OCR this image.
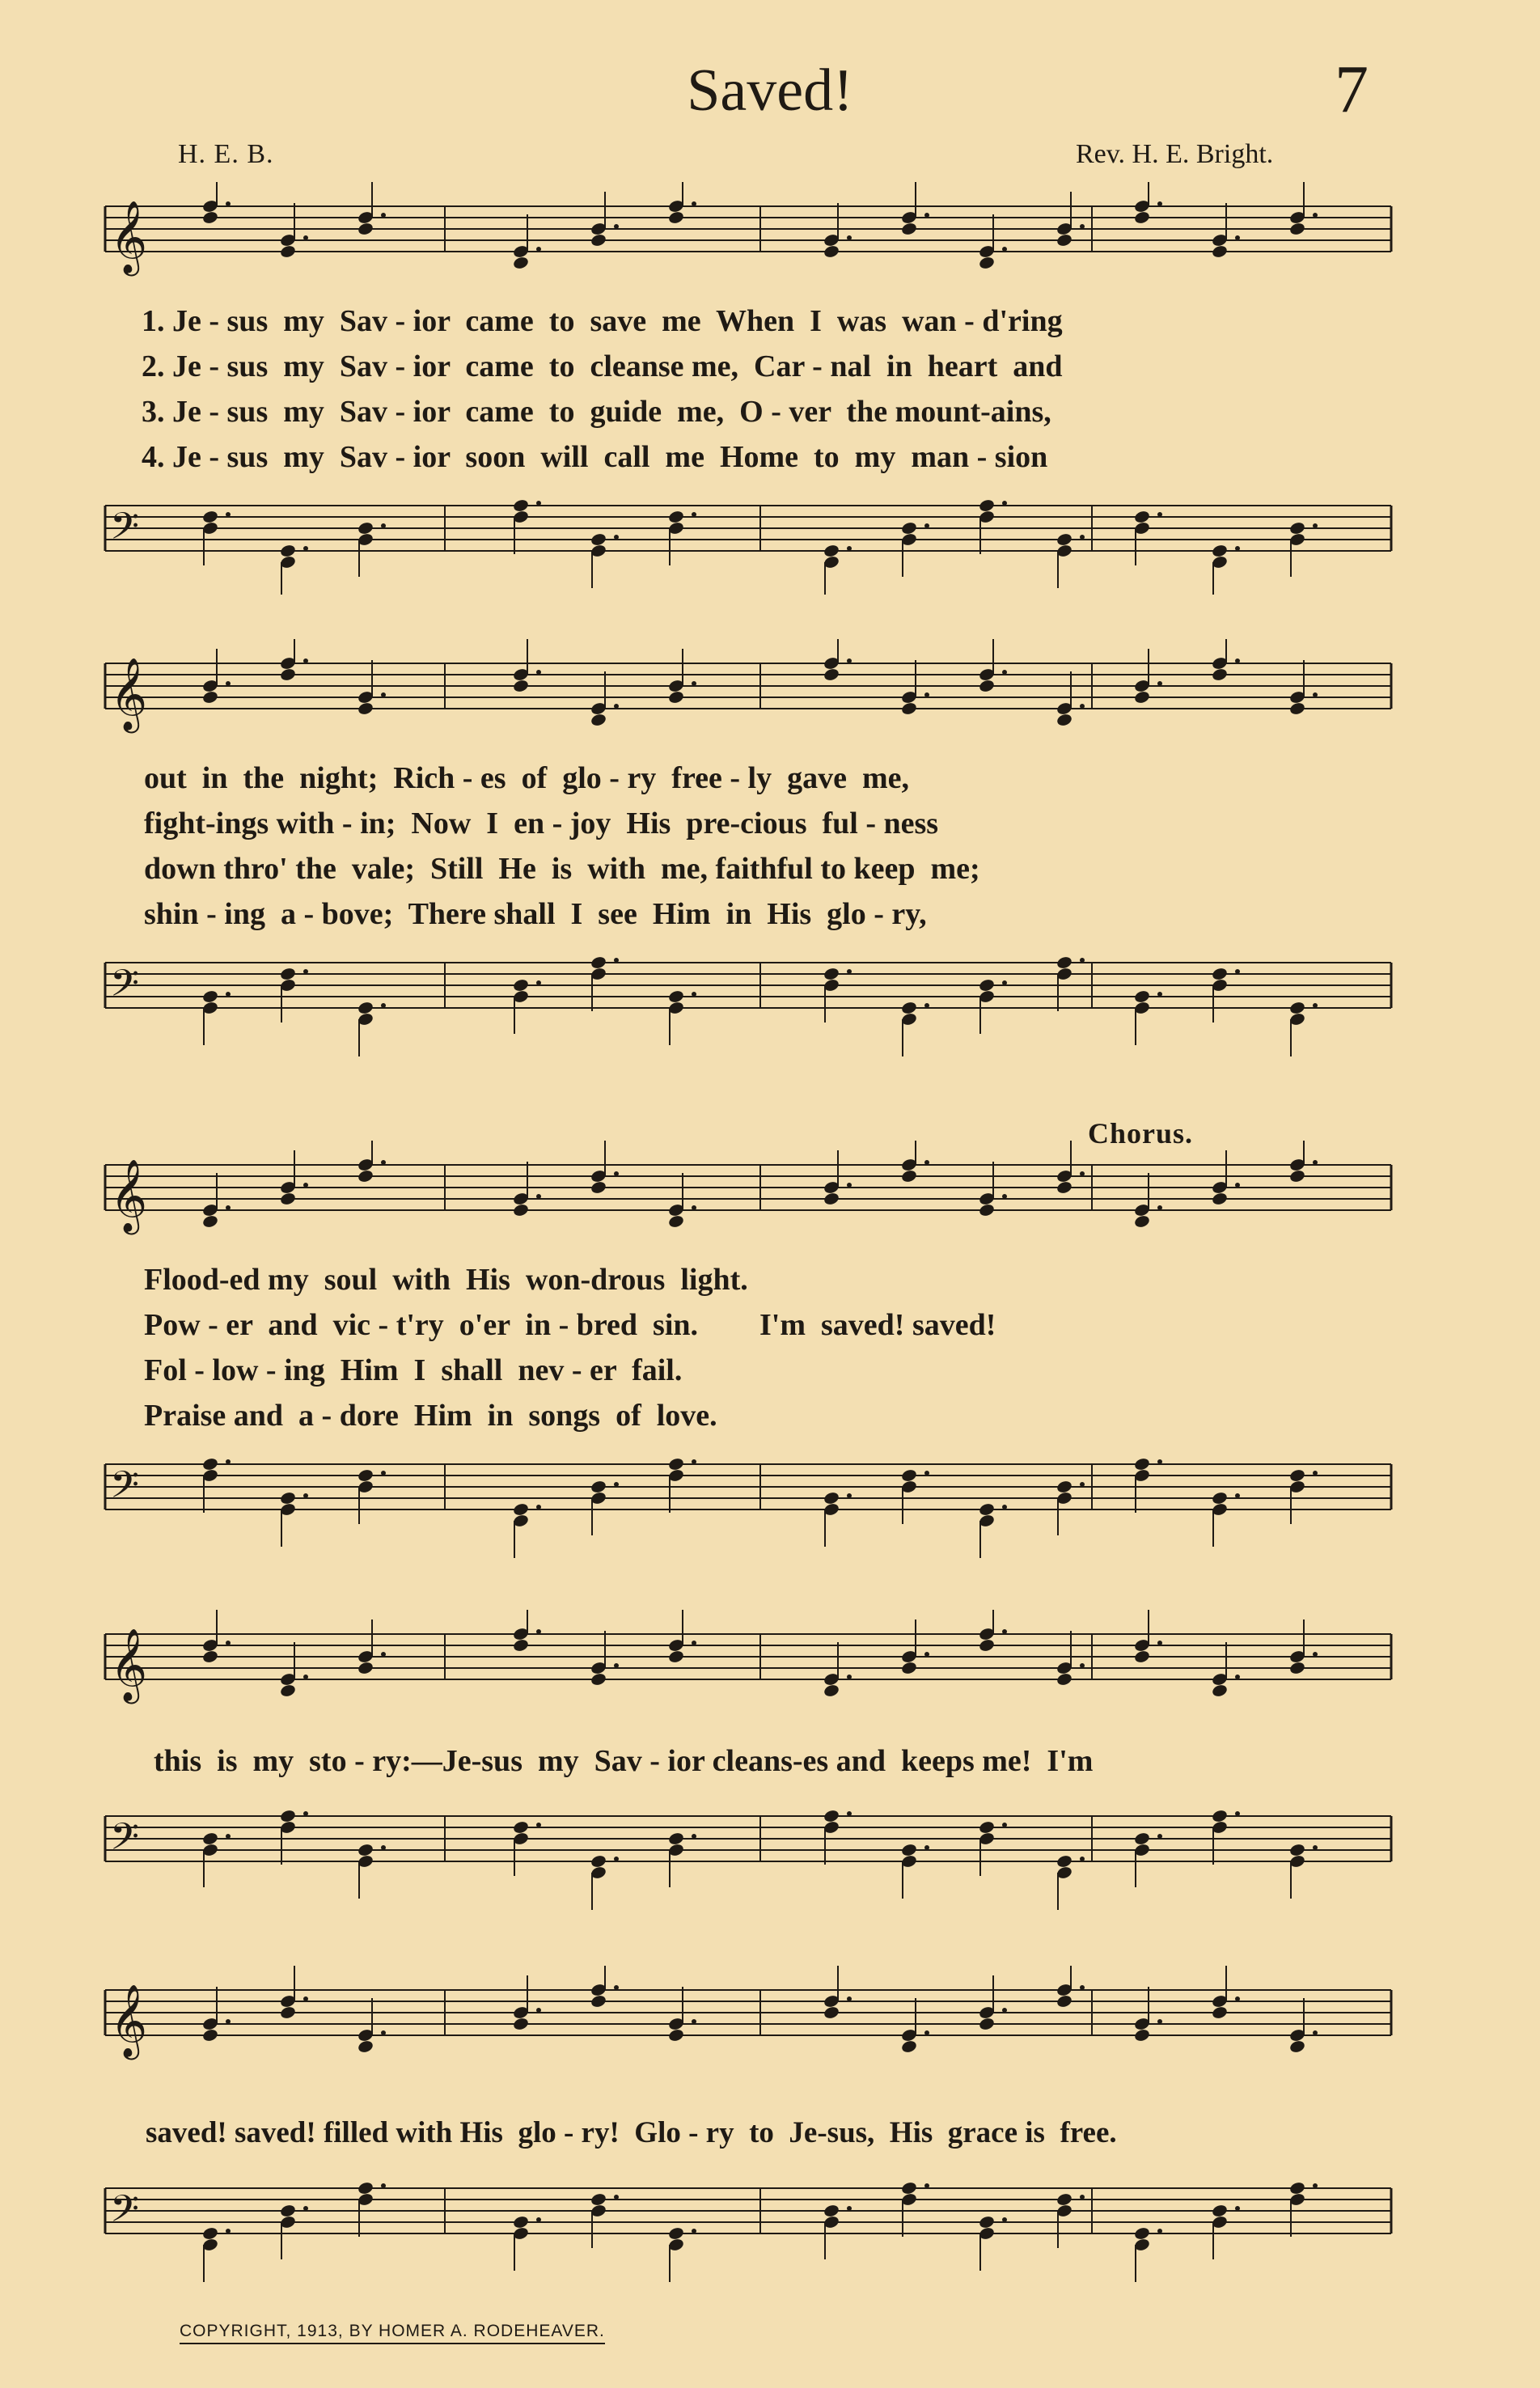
Saved!	7
H. E. B.	Rev. H. E. Bright.
𝄞
1. Je - sus  my  Sav - ior  came  to  save  me  When  I  was  wan - d'ring
2. Je - sus  my  Sav - ior  came  to  cleanse me,  Car - nal  in  heart  and
3. Je - sus  my  Sav - ior  came  to  guide  me,  O - ver  the mount-ains,
4. Je - sus  my  Sav - ior  soon  will  call  me  Home  to  my  man - sion
𝄢
𝄞
out  in  the  night;  Rich - es  of  glo - ry  free - ly  gave  me,
fight-ings with - in;  Now  I  en - joy  His  pre-cious  ful - ness
down thro' the  vale;  Still  He  is  with  me, faithful to keep  me;
shin - ing  a - bove;  There shall  I  see  Him  in  His  glo - ry,
𝄢
Chorus.
𝄞
Flood-ed my  soul  with  His  won-drous  light.
Pow - er  and  vic - t'ry  o'er  in - bred  sin.        I'm  saved! saved!
Fol - low - ing  Him  I  shall  nev - er  fail.
Praise and  a - dore  Him  in  songs  of  love.
𝄢
𝄞
this  is  my  sto - ry:—Je-sus  my  Sav - ior cleans-es and  keeps me!  I'm
𝄢
𝄞
saved! saved! filled with His  glo - ry!  Glo - ry  to  Je-sus,  His  grace is  free.
𝄢
COPYRIGHT, 1913, BY HOMER A. RODEHEAVER.
